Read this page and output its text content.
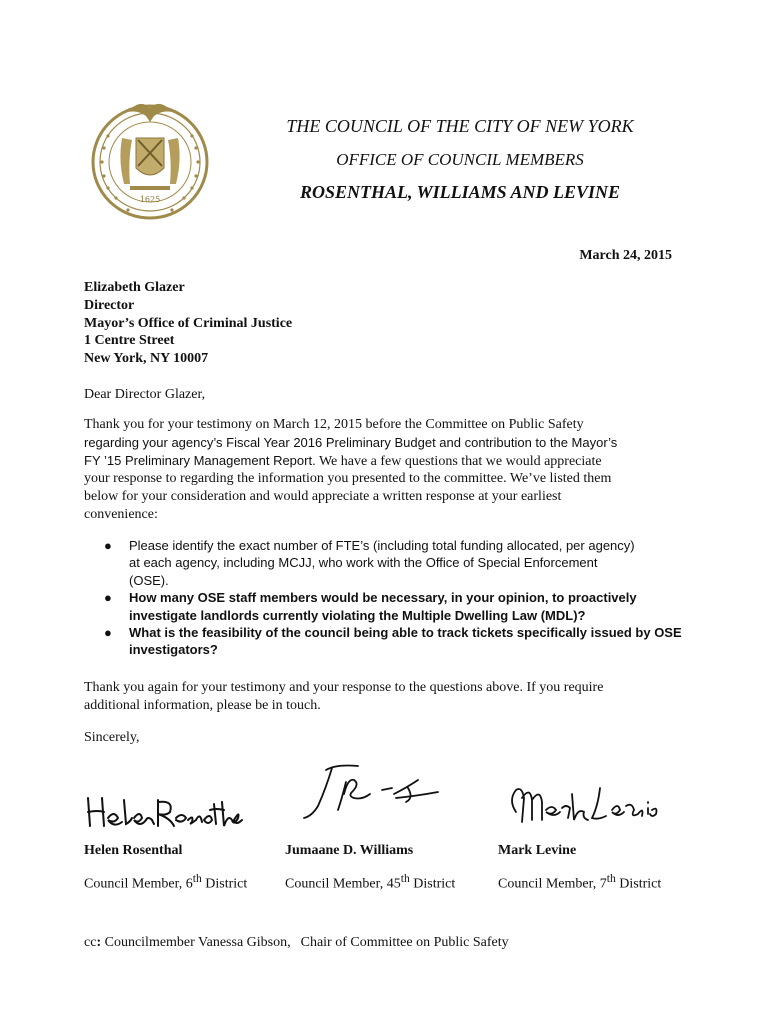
1625
THE COUNCIL OF THE CITY OF NEW YORK
OFFICE OF COUNCIL MEMBERS
ROSENTHAL, WILLIAMS AND LEVINE
March 24, 2015
Elizabeth Glazer
Director
Mayor’s Office of Criminal Justice
1 Centre Street
New York, NY 10007
Dear Director Glazer,
Thank you for your testimony on March 12, 2015 before the Committee on Public Safety
regarding your agency’s Fiscal Year 2016 Preliminary Budget and contribution to the Mayor’s
FY ’15 Preliminary Management Report. We have a few questions that we would appreciate
your response to regarding the information you presented to the committee. We’ve listed them
below for your consideration and would appreciate a written response at your earliest
convenience:
● Please identify the exact number of FTE’s (including total funding allocated, per agency)
at each agency, including MCJJ, who work with the Office of Special Enforcement
(OSE).
● How many OSE staff members would be necessary, in your opinion, to proactively
investigate landlords currently violating the Multiple Dwelling Law (MDL)?
● What is the feasibility of the council being able to track tickets specifically issued by OSE
investigators?
Thank you again for your testimony and your response to the questions above. If you require
additional information, please be in touch.
Sincerely,
Helen Rosenthal	Jumaane D. Williams	Mark Levine
Council Member, 6th District	Council Member, 45th District	Council Member, 7th District
cc: Councilmember Vanessa Gibson, Chair of Committee on Public Safety
